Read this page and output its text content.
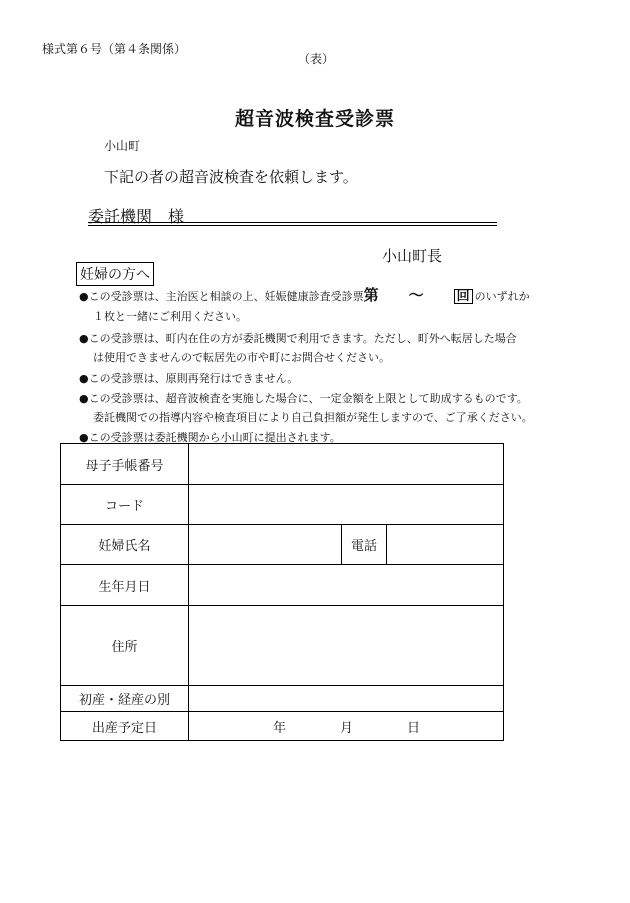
様式第６号（第４条関係）
（表）
超音波検査受診票
小山町
下記の者の超音波検査を依頼します。
委託機関　様
小山町長
妊婦の方へ
●この受診票は、主治医と相談の上、妊娠健康診査受診票第 ～	回 のいずれか
１枚と一緒にご利用ください。
●この受診票は、町内在住の方が委託機関で利用できます。ただし、町外へ転居した場合
は使用できませんので転居先の市や町にお問合せください。
●この受診票は、原則再発行はできません。
●この受診票は、超音波検査を実施した場合に、一定金額を上限として助成するものです。
委託機関での指導内容や検査項目により自己負担額が発生しますので、ご了承ください。
●この受診票は委託機関から小山町に提出されます。
母子手帳番号			
コード			
妊婦氏名		電話	
生年月日			
住所			
初産・経産の別			
出産予定日	年 月 日		
